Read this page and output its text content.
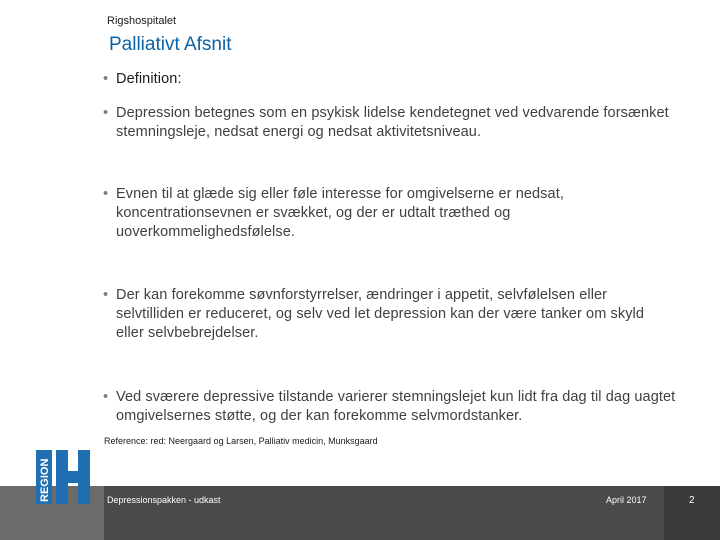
Rigshospitalet
Palliativt Afsnit
• Definition:
• Depression betegnes som en psykisk lidelse kendetegnet ved vedvarende forsænket stemningsleje, nedsat energi og nedsat aktivitetsniveau.
• Evnen til at glæde sig eller føle interesse for omgivelserne er nedsat, koncentrationsevnen er svækket, og der er udtalt træthed og uoverkommelighedsfølelse.
• Der kan forekomme søvnforstyrrelser, ændringer i appetit, selvfølelsen eller selvtilliden er reduceret, og selv ved let depression kan der være tanker om skyld eller selvbebrejdelser.
• Ved sværere depressive tilstande varierer stemningslejet kun lidt fra dag til dag uagtet omgivelsernes støtte, og der kan forekomme selvmordstanker.
Reference: red: Neergaard og Larsen, Palliativ medicin, Munksgaard
REGION	Depressionspakken - udkast	April 2017	2
